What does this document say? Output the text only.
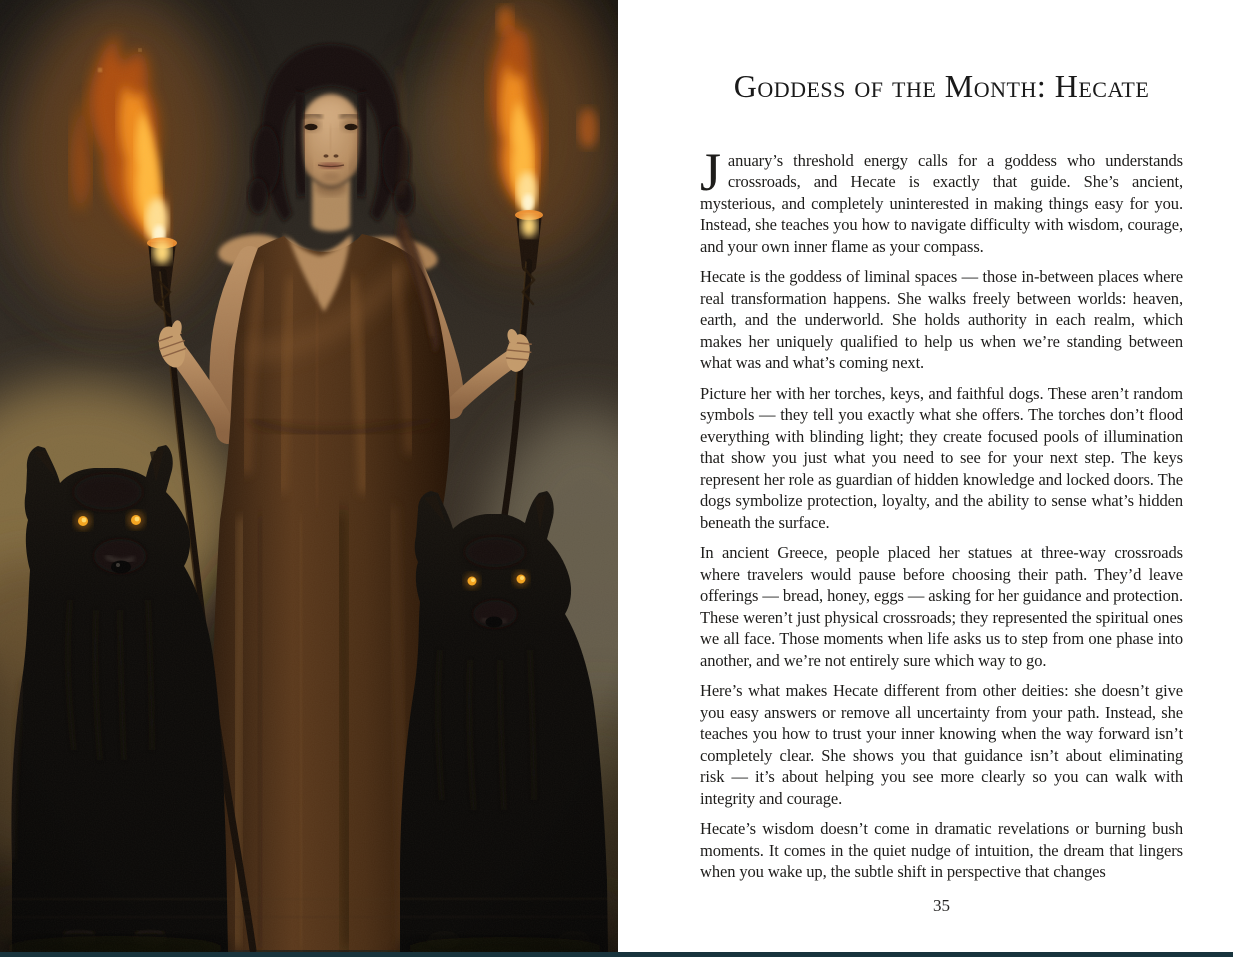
Goddess of the Month: Hecate

January’s threshold energy calls for a goddess who understands crossroads, and Hecate is exactly that guide. She’s ancient, mysterious, and completely uninterested in making things easy for you. Instead, she teaches you how to navigate difficulty with wisdom, courage, and your own inner flame as your compass.

Hecate is the goddess of liminal spaces — those in-between places where real transformation happens. She walks freely between worlds: heaven, earth, and the underworld. She holds authority in each realm, which makes her uniquely qualified to help us when we’re standing between what was and what’s coming next.

Picture her with her torches, keys, and faithful dogs. These aren’t random symbols — they tell you exactly what she offers. The torches don’t flood everything with blinding light; they create focused pools of illumination that show you just what you need to see for your next step. The keys represent her role as guardian of hidden knowledge and locked doors. The dogs symbolize protection, loyalty, and the ability to sense what’s hidden beneath the surface.

In ancient Greece, people placed her statues at three-way crossroads where travelers would pause before choosing their path. They’d leave offerings — bread, honey, eggs — asking for her guidance and protection. These weren’t just physical crossroads; they represented the spiritual ones we all face. Those moments when life asks us to step from one phase into another, and we’re not entirely sure which way to go.

Here’s what makes Hecate different from other deities: she doesn’t give you easy answers or remove all uncertainty from your path. Instead, she teaches you how to trust your inner knowing when the way forward isn’t completely clear. She shows you that guidance isn’t about eliminating risk — it’s about helping you see more clearly so you can walk with integrity and courage.

Hecate’s wisdom doesn’t come in dramatic revelations or burning bush moments. It comes in the quiet nudge of intuition, the dream that lingers when you wake up, the subtle shift in perspective that changes

35
